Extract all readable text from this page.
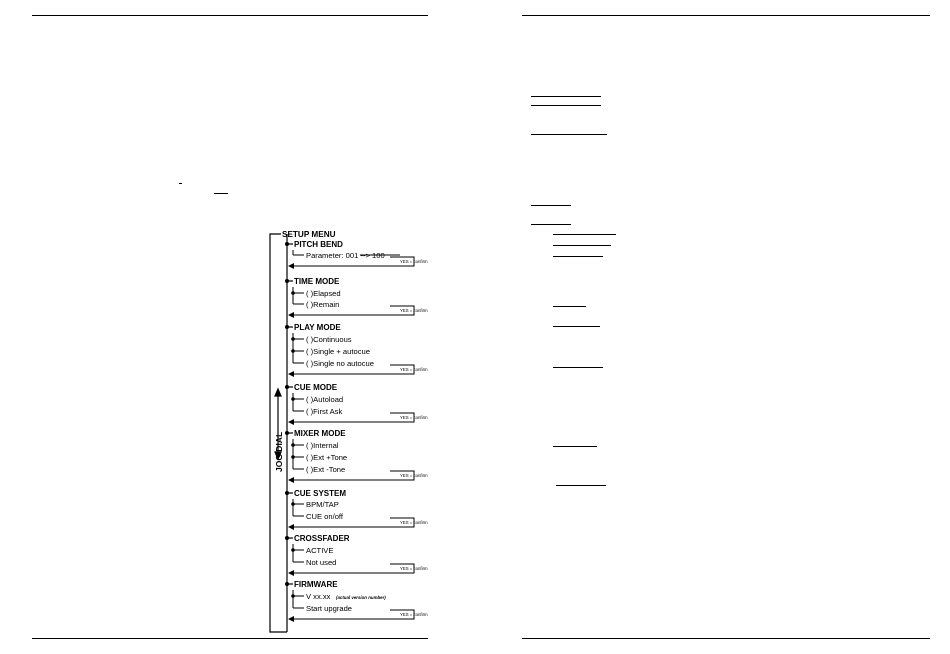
SETUP MENU
JOG DIAL
PITCH BEND
Parameter: 001 --> 100
YES = confirm
TIME MODE
( )Elapsed
( )Remain
YES = confirm
PLAY MODE
( )Continuous
( )Single + autocue
( )Single no autocue
YES = confirm
CUE MODE
( )Autoload
( )First Ask
YES = confirm
MIXER MODE
( )Internal
( )Ext +Tone
( )Ext -Tone
YES = confirm
CUE SYSTEM
BPM/TAP
CUE on/off
YES = confirm
CROSSFADER
ACTIVE
Not used
YES = confirm
FIRMWARE
V xx.xx (actual version number)
Start upgrade
YES = confirm
